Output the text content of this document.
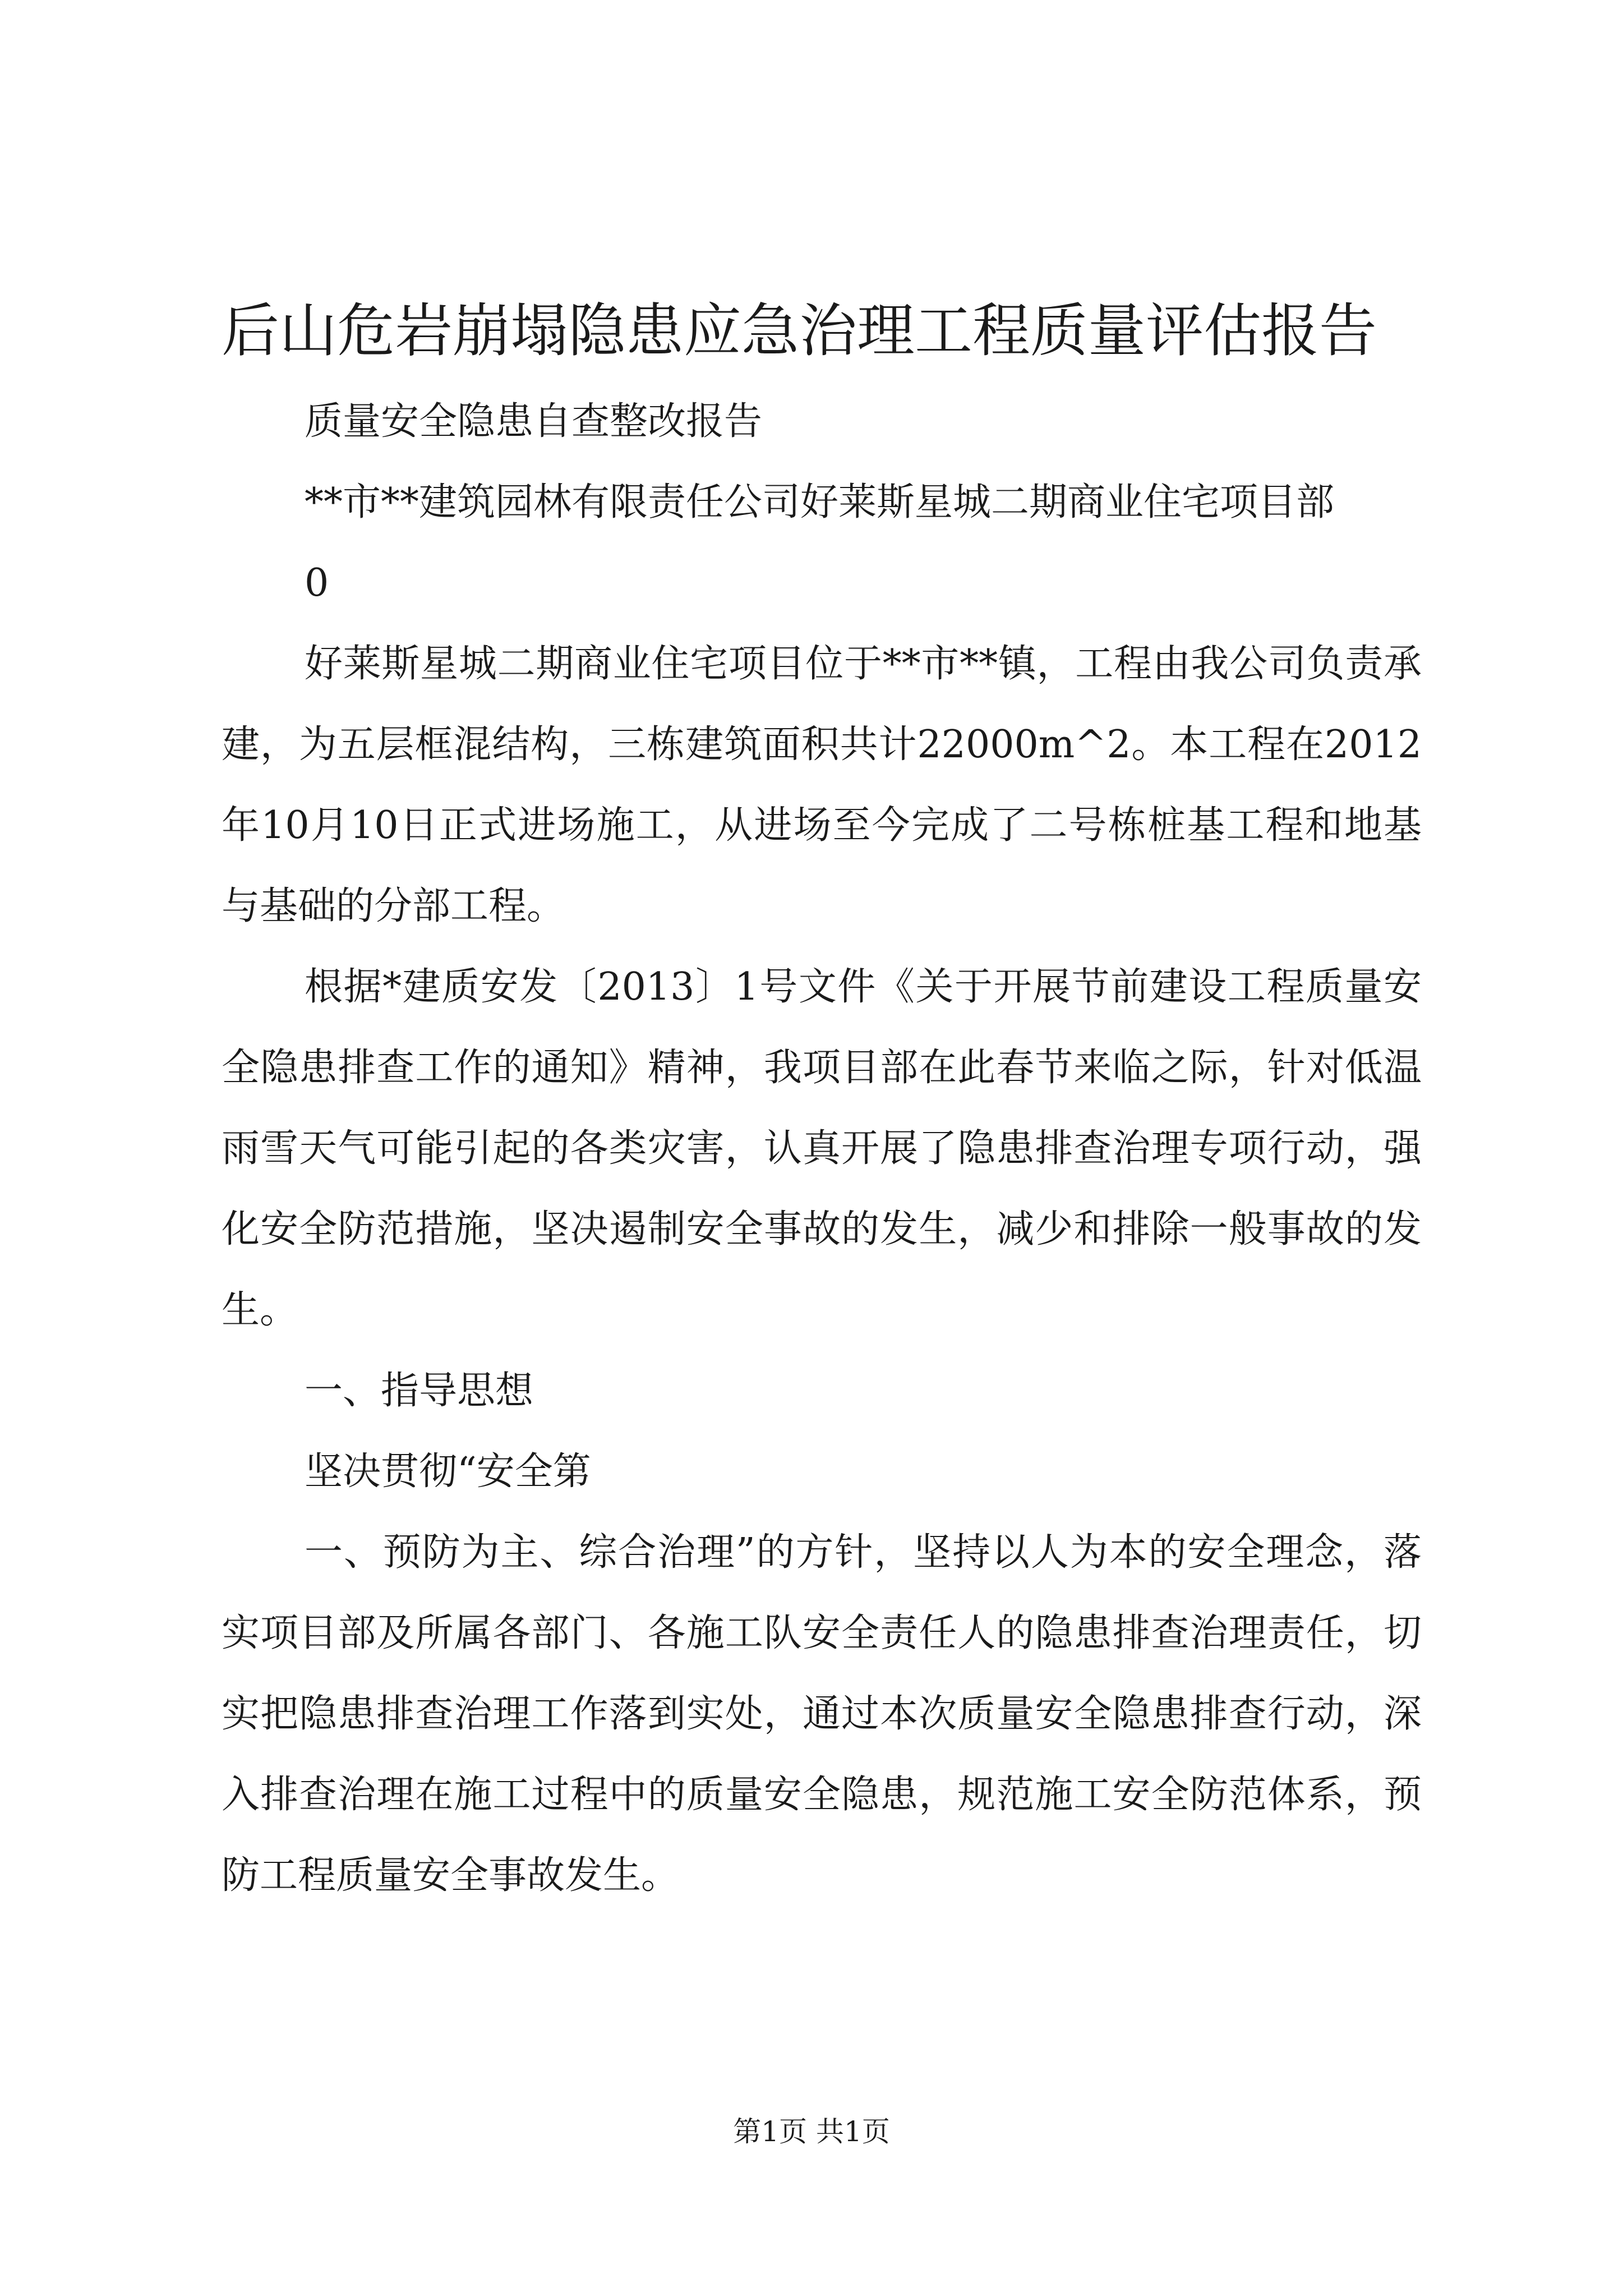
后山危岩崩塌隐患应急治理工程质量评估报告

质量安全隐患自查整改报告

**市**建筑园林有限责任公司好莱斯星城二期商业住宅项目部

0

好莱斯星城二期商业住宅项目位于**市**镇，工程由我公司负责承建，为五层框混结构，三栋建筑面积共计22000m^2。本工程在2012年10月10日正式进场施工，从进场至今完成了二号栋桩基工程和地基与基础的分部工程。

根据*建质安发〔2013〕1号文件《关于开展节前建设工程质量安全隐患排查工作的通知》精神，我项目部在此春节来临之际，针对低温雨雪天气可能引起的各类灾害，认真开展了隐患排查治理专项行动，强化安全防范措施，坚决遏制安全事故的发生，减少和排除一般事故的发生。

一、指导思想

坚决贯彻“安全第

一、预防为主、综合治理”的方针，坚持以人为本的安全理念，落实项目部及所属各部门、各施工队安全责任人的隐患排查治理责任，切实把隐患排查治理工作落到实处，通过本次质量安全隐患排查行动，深入排查治理在施工过程中的质量安全隐患，规范施工安全防范体系，预防工程质量安全事故发生。

第1页 共1页
